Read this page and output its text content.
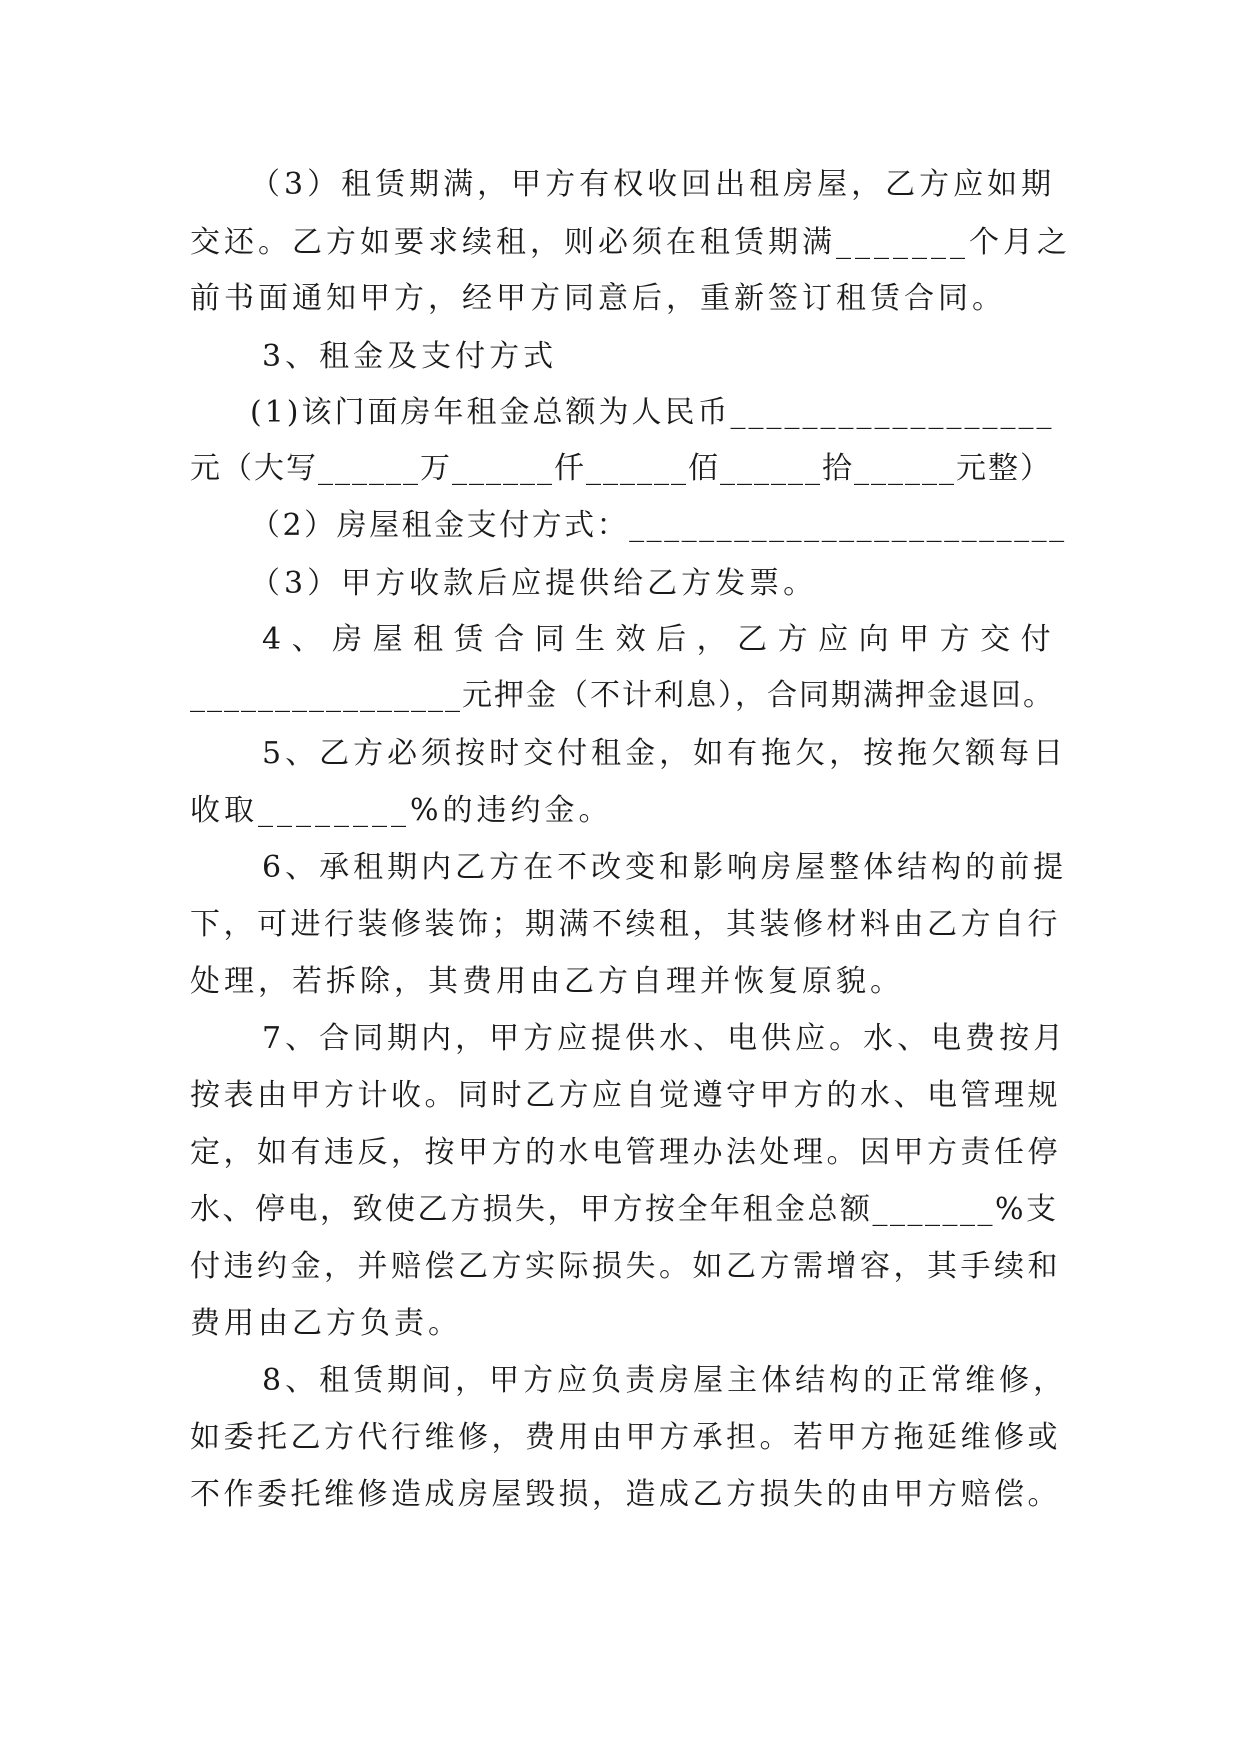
（3）租赁期满，甲方有权收回出租房屋，乙方应如期
交还。乙方如要求续租，则必须在租赁期满_______个月之
前书面通知甲方，经甲方同意后，重新签订租赁合同。
3、租金及支付方式
(1)该门面房年租金总额为人民币__________________
元（大写______万______仟______佰______拾______元整）
（2）房屋租金支付方式：_________________________
（3）甲方收款后应提供给乙方发票。
4、房屋租赁合同生效后，乙方应向甲方交付
________________元押金（不计利息），合同期满押金退回。
5、乙方必须按时交付租金，如有拖欠，按拖欠额每日
收取________%的违约金。
6、承租期内乙方在不改变和影响房屋整体结构的前提
下，可进行装修装饰；期满不续租，其装修材料由乙方自行
处理，若拆除，其费用由乙方自理并恢复原貌。
7、合同期内，甲方应提供水、电供应。水、电费按月
按表由甲方计收。同时乙方应自觉遵守甲方的水、电管理规
定，如有违反，按甲方的水电管理办法处理。因甲方责任停
水、停电，致使乙方损失，甲方按全年租金总额_______%支
付违约金，并赔偿乙方实际损失。如乙方需增容，其手续和
费用由乙方负责。
8、租赁期间，甲方应负责房屋主体结构的正常维修，
如委托乙方代行维修，费用由甲方承担。若甲方拖延维修或
不作委托维修造成房屋毁损，造成乙方损失的由甲方赔偿。
